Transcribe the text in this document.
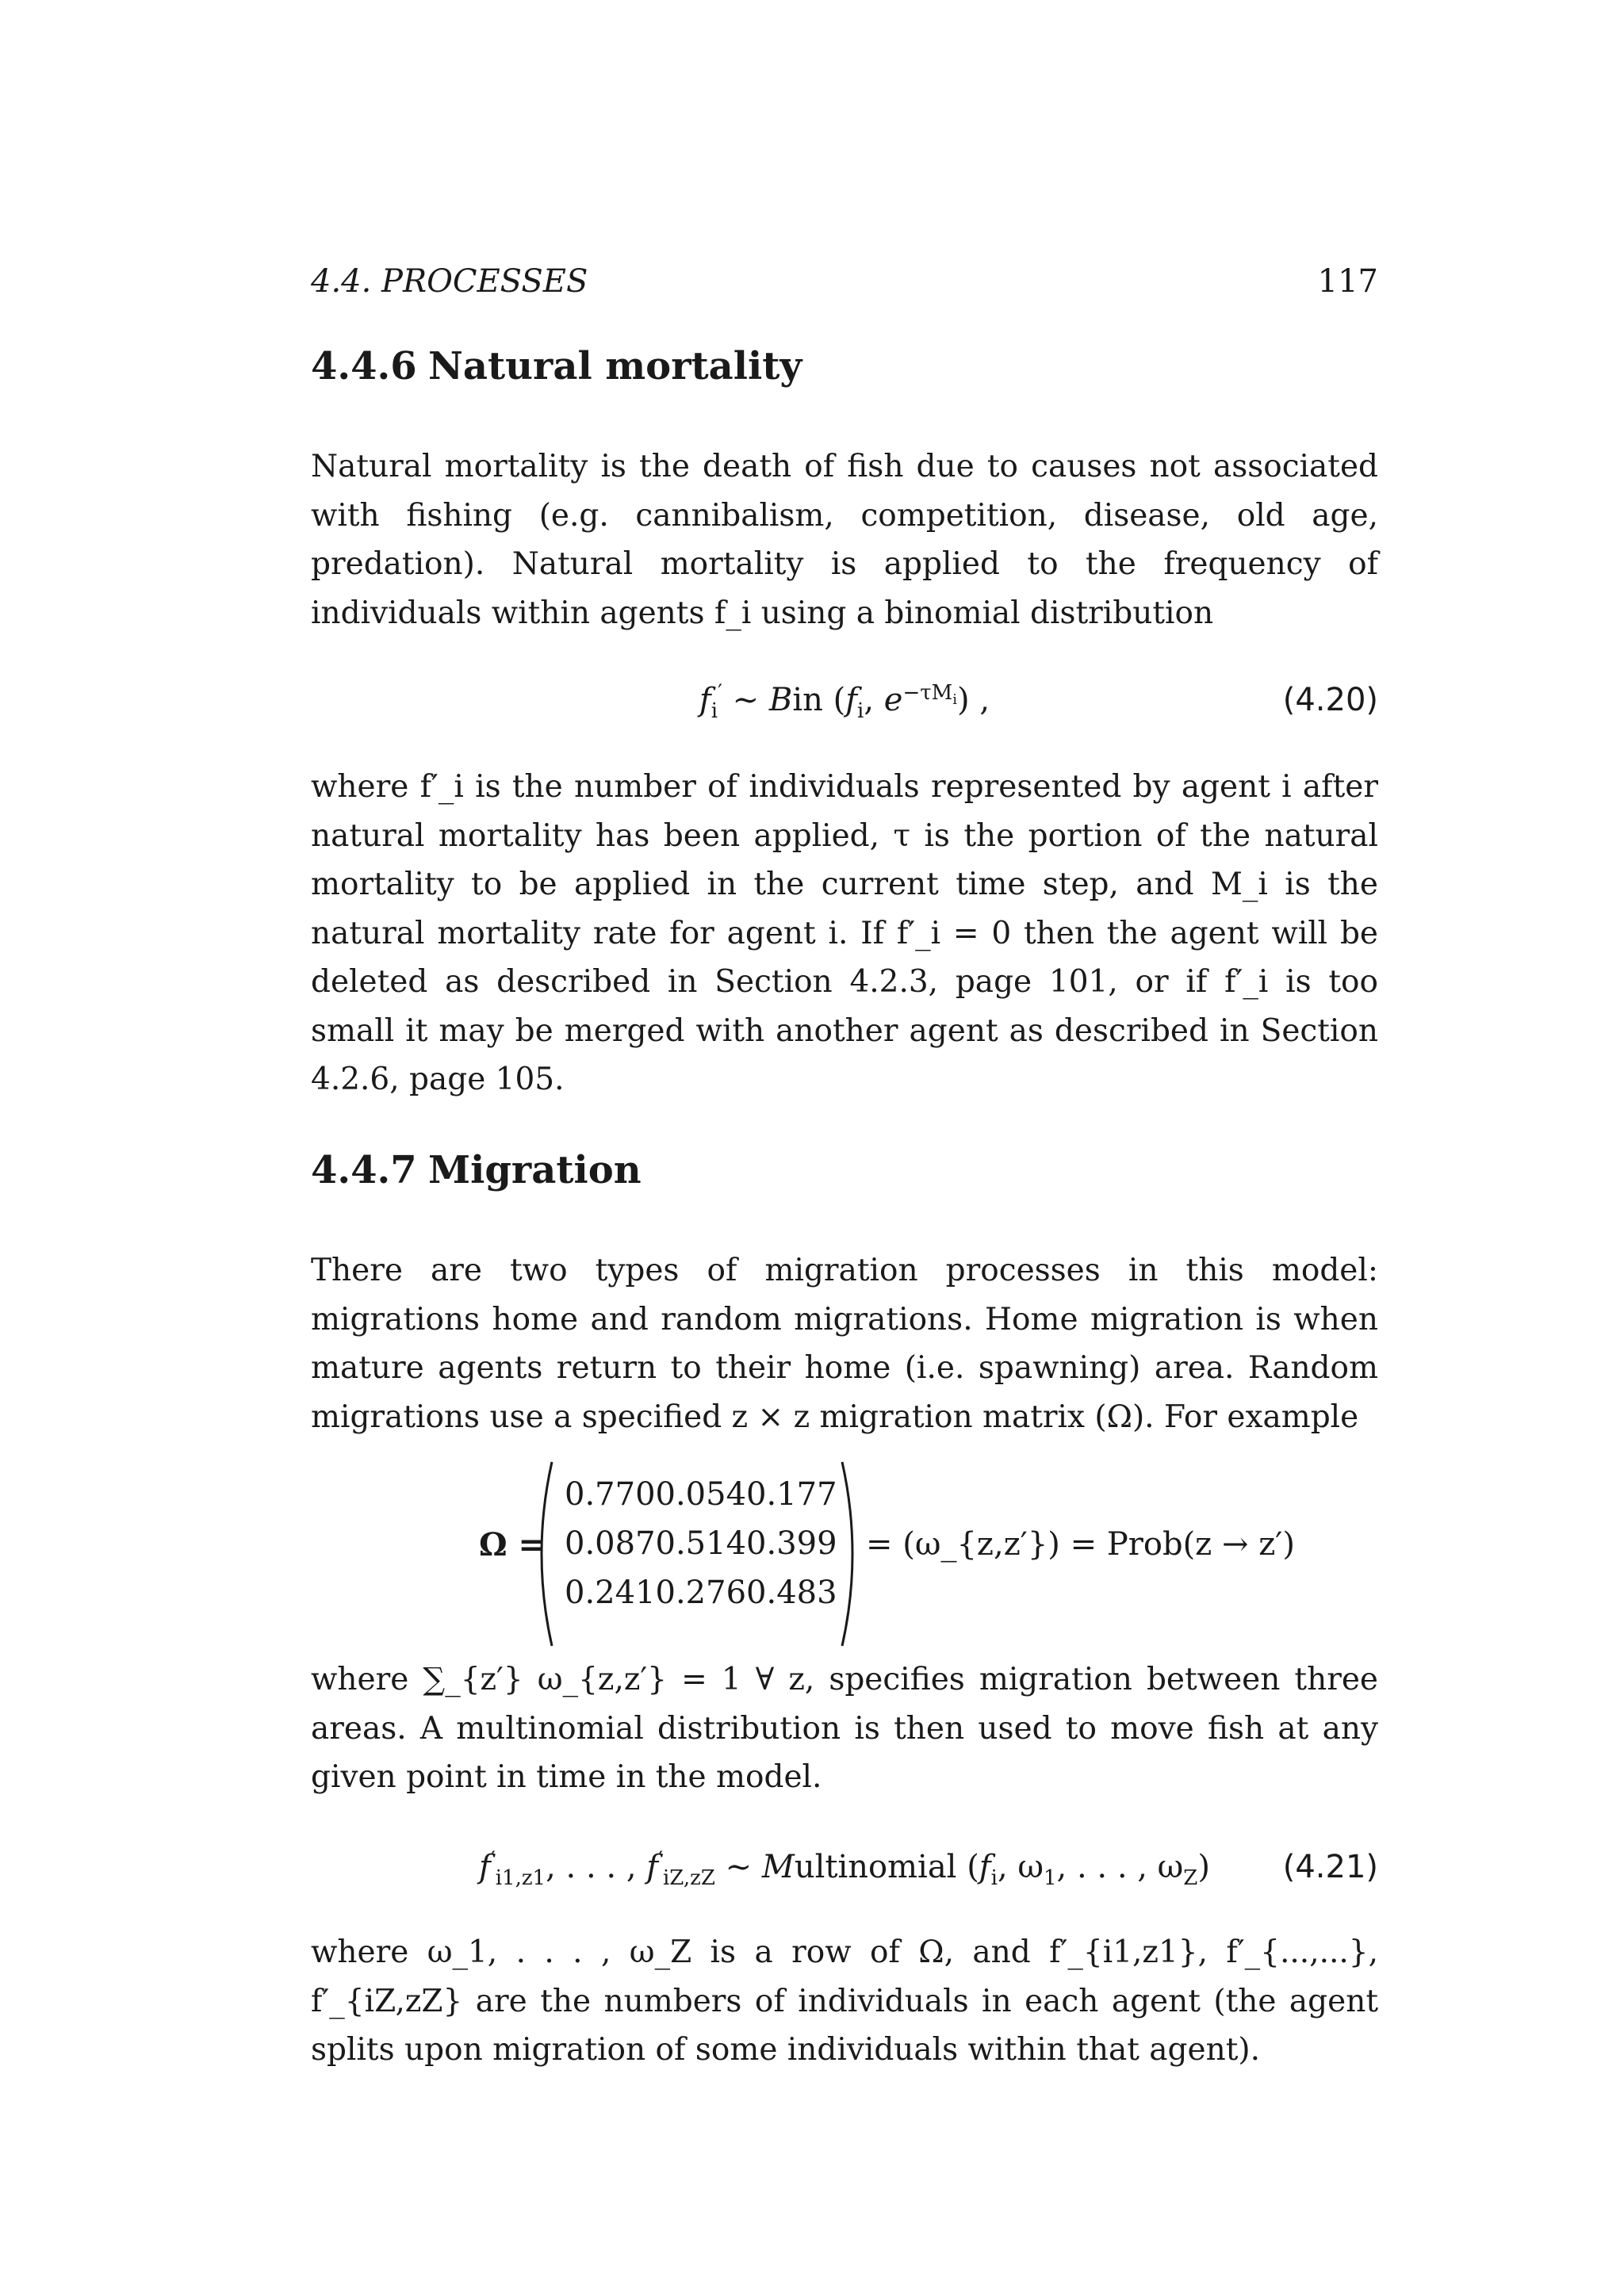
4.4. PROCESSES	117
4.4.6 Natural mortality
Natural mortality is the death of fish due to causes not associated with fishing (e.g. cannibalism, competition, disease, old age, predation). Natural mortality is applied to the frequency of individuals within agents f_i using a binomial distribution
$f_i'$ ∼ Bin ($f_i$, $e^{-\tau M_i}$) ,	(4.20)
where f′_i is the number of individuals represented by agent i after natural mortality has been applied, τ is the portion of the natural mortality to be applied in the current time step, and M_i is the natural mortality rate for agent i. If f′_i = 0 then the agent will be deleted as described in Section 4.2.3, page 101, or if f′_i is too small it may be merged with another agent as described in Section 4.2.6, page 105.
4.4.7 Migration
There are two types of migration processes in this model: migrations home and random migrations. Home migration is when mature agents return to their home (i.e. spawning) area. Random migrations use a specified z × z migration matrix (Ω). For example
Ω =
0.770 0.054 0.177
0.087 0.514 0.399
0.241 0.276 0.483
= (ω_{z,z′}) = Prob(z → z′)
where ∑_{z′} ω_{z,z′} = 1 ∀ z, specifies migration between three areas. A multinomial distribution is then used to move fish at any given point in time in the model.
$f'_{i1,z1}$, . . . , $f'_{iZ,zZ}$ ∼ Multinomial ($f_i$, $\omega_1$, . . . , $\omega_Z$)	(4.21)
where ω_1, . . . , ω_Z is a row of Ω, and f′_{i1,z1}, f′_{...,...}, f′_{iZ,zZ} are the numbers of individuals in each agent (the agent splits upon migration of some individuals within that agent).
